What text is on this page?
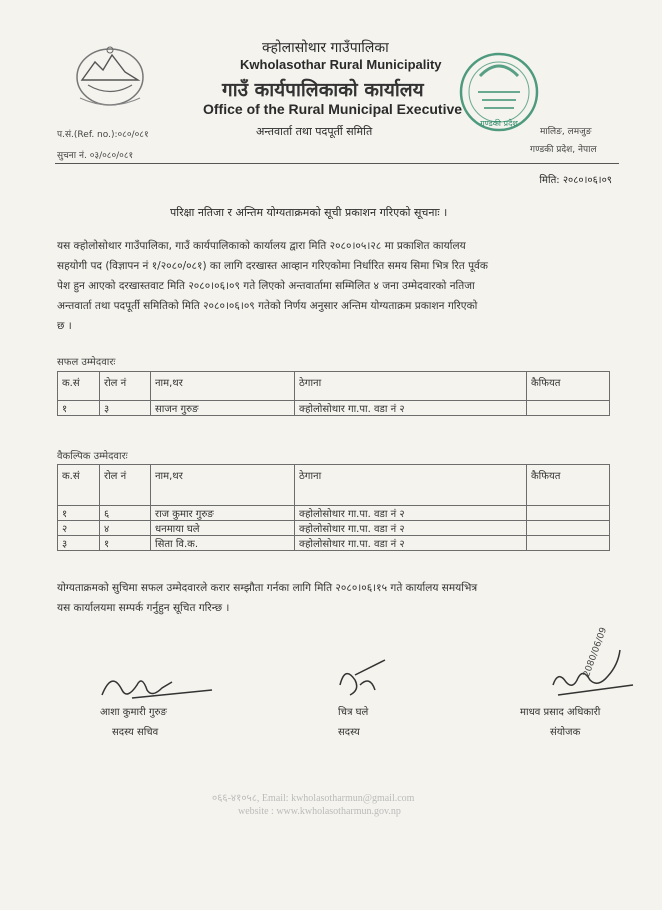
क्होलासोथार गाउँपालिका
Kwholasothar Rural Municipality
गाउँ कार्यपालिकाको कार्यालय
Office of the Rural Municipal Executive
अन्तवार्ता तथा पदपूर्ती समिति
गण्डकी प्रदेश
प.सं.(Ref. no.):०८०/०८१
सुचना नं. ०३/०८०/०८१
मालिङ, लमजुङ
गण्डकी प्रदेश, नेपाल
मिति: २०८०।०६।०९
परिक्षा नतिजा र अन्तिम योग्यताक्रमको सूची प्रकाशन गरिएको सूचनाः ।
यस क्होलोसोथार गाउँपालिका, गाउँ कार्यपालिकाको कार्यालय द्वारा मिति २०८०।०५।२८ मा प्रकाशित कार्यालय
सहयोगी पद (विज्ञापन नं १/२०८०/०८१) का लागि दरखास्त आव्हान गरिएकोमा निर्धारित समय सिमा भित्र रित पूर्वक
पेश हुन आएको दरखास्तवाट मिति २०८०।०६।०९ गते लिएको अन्तवार्तामा सम्मिलित ४ जना उम्मेदवारको नतिजा
अन्तवार्ता तथा पदपूर्ती समितिको मिति २०८०।०६।०९ गतेको निर्णय अनुसार अन्तिम योग्यताक्रम प्रकाशन गरिएको
छ ।
सफल उम्मेदवारः
क.सं	रोल नं	नाम,थर	ठेगाना	कैफियत
१	३	साजन गुरुङ	क्होलोसोथार गा.पा. वडा नं २	
वैकल्पिक उम्मेदवारः
क.सं	रोल नं	नाम,थर	ठेगाना	कैफियत
१	६	राज कुमार गुरुङ	क्होलोसोथार गा.पा. वडा नं २	
२	४	धनमाया घले	क्होलोसोथार गा.पा. वडा नं २	
३	१	सिता वि.क.	क्होलोसोथार गा.पा. वडा नं २	
योग्यताक्रमको सुचिमा सफल उम्मेदवारले करार सम्झौता गर्नका लागि मिति २०८०।०६।१५ गते कार्यालय समयभित्र
यस कार्यालयमा सम्पर्क गर्नुहुन सूचित गरिन्छ ।
2080/06/09
आशा कुमारी गुरुङ
सदस्य सचिव
चित्र घले
सदस्य
माधव प्रसाद अधिकारी
संयोजक
०६६-४१०५८, Email: kwholasotharmun@gmail.com
website : www.kwholasotharmun.gov.np
